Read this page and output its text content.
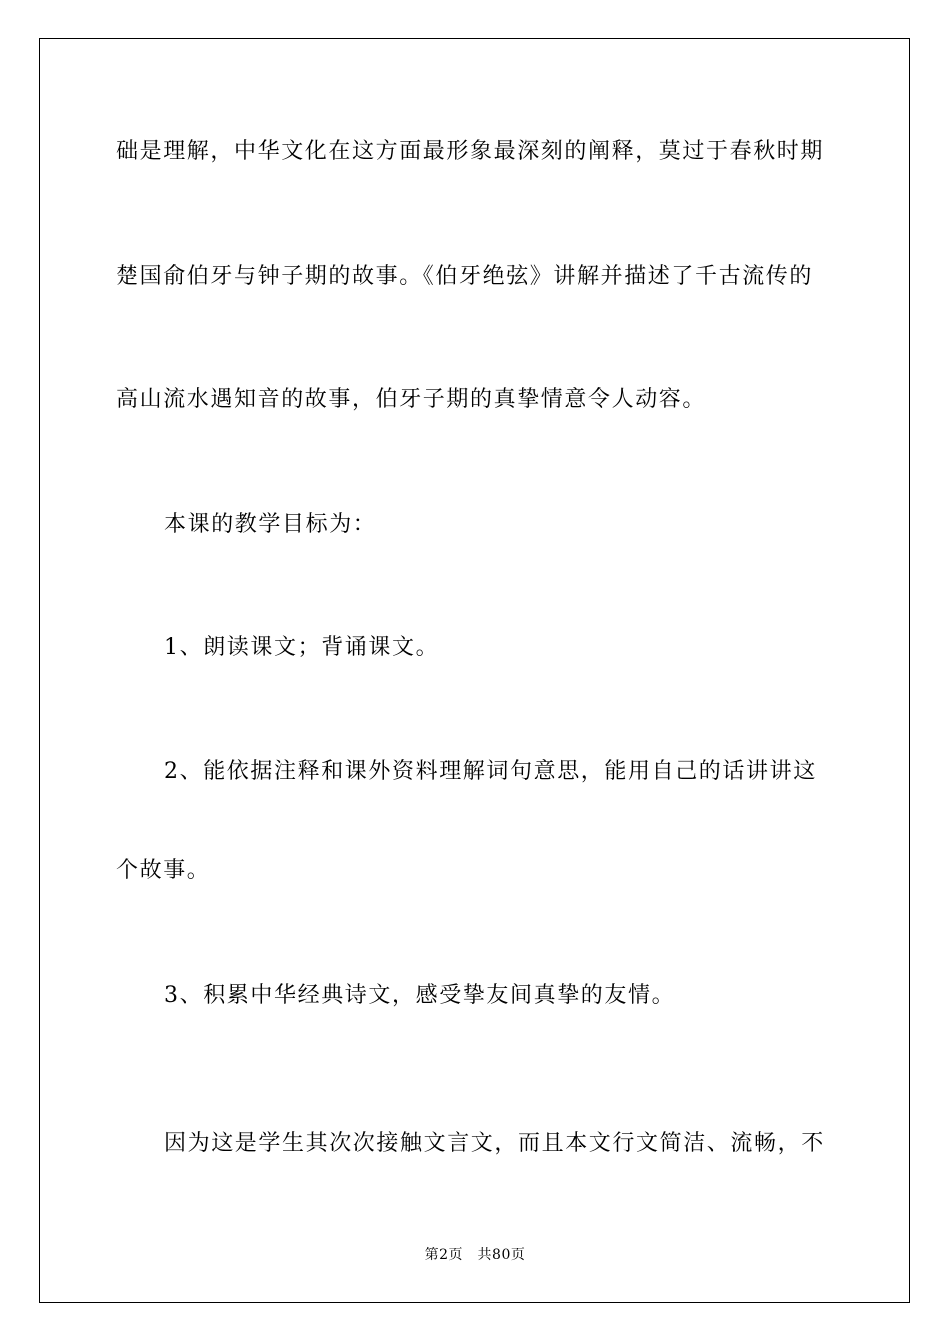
础是理解，中华文化在这方面最形象最深刻的阐释，莫过于春秋时期
楚国俞伯牙与钟子期的故事。《伯牙绝弦》讲解并描述了千古流传的
高山流水遇知音的故事，伯牙子期的真挚情意令人动容。
本课的教学目标为：
1、朗读课文；背诵课文。
2、能依据注释和课外资料理解词句意思，能用自己的话讲讲这
个故事。
3、积累中华经典诗文，感受挚友间真挚的友情。
因为这是学生其次次接触文言文，而且本文行文简洁、流畅，不
第2页　共80页
